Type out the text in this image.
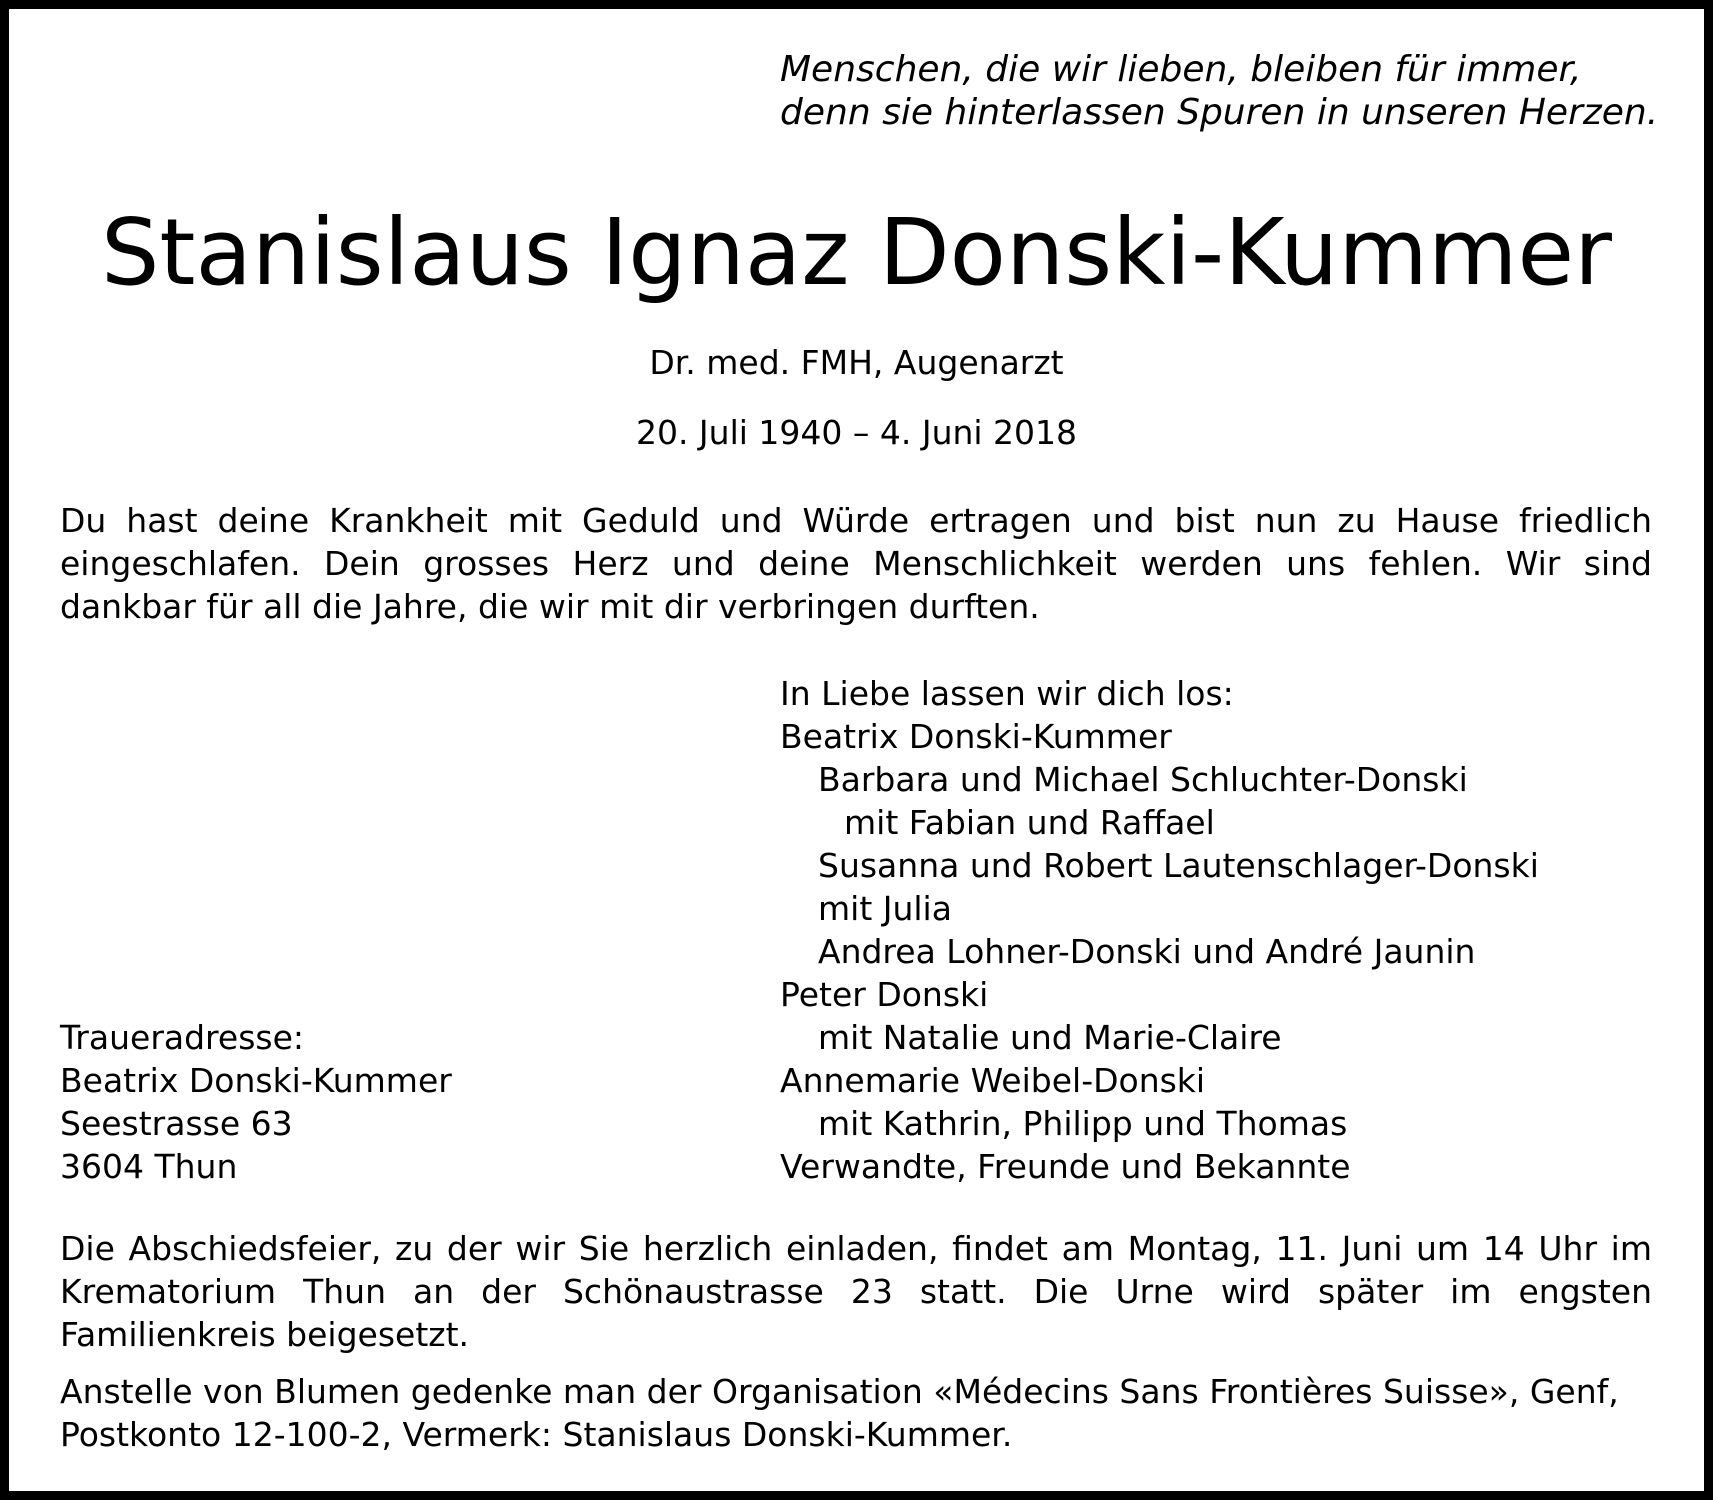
Menschen, die wir lieben, bleiben für immer,
denn sie hinterlassen Spuren in unseren Herzen.

Stanislaus Ignaz Donski-Kummer

Dr. med. FMH, Augenarzt

20. Juli 1940 – 4. Juni 2018

Du hast deine Krankheit mit Geduld und Würde ertragen und bist nun zu Hause friedlich eingeschlafen. Dein grosses Herz und deine Menschlichkeit werden uns fehlen. Wir sind dankbar für all die Jahre, die wir mit dir verbringen durften.

In Liebe lassen wir dich los:
Beatrix Donski-Kummer
Barbara und Michael Schluchter-Donski
mit Fabian und Raffael
Susanna und Robert Lautenschlager-Donski
mit Julia
Andrea Lohner-Donski und André Jaunin
Peter Donski
mit Natalie und Marie-Claire
Annemarie Weibel-Donski
mit Kathrin, Philipp und Thomas
Verwandte, Freunde und Bekannte
Traueradresse:
Beatrix Donski-Kummer
Seestrasse 63
3604 Thun

Die Abschiedsfeier, zu der wir Sie herzlich einladen, findet am Montag, 11. Juni um 14 Uhr im Krematorium Thun an der Schönaustrasse 23 statt. Die Urne wird später im engsten Familienkreis beigesetzt.

Anstelle von Blumen gedenke man der Organisation «Médecins Sans Frontières Suisse», Genf,
Postkonto 12-100-2, Vermerk: Stanislaus Donski-Kummer.
